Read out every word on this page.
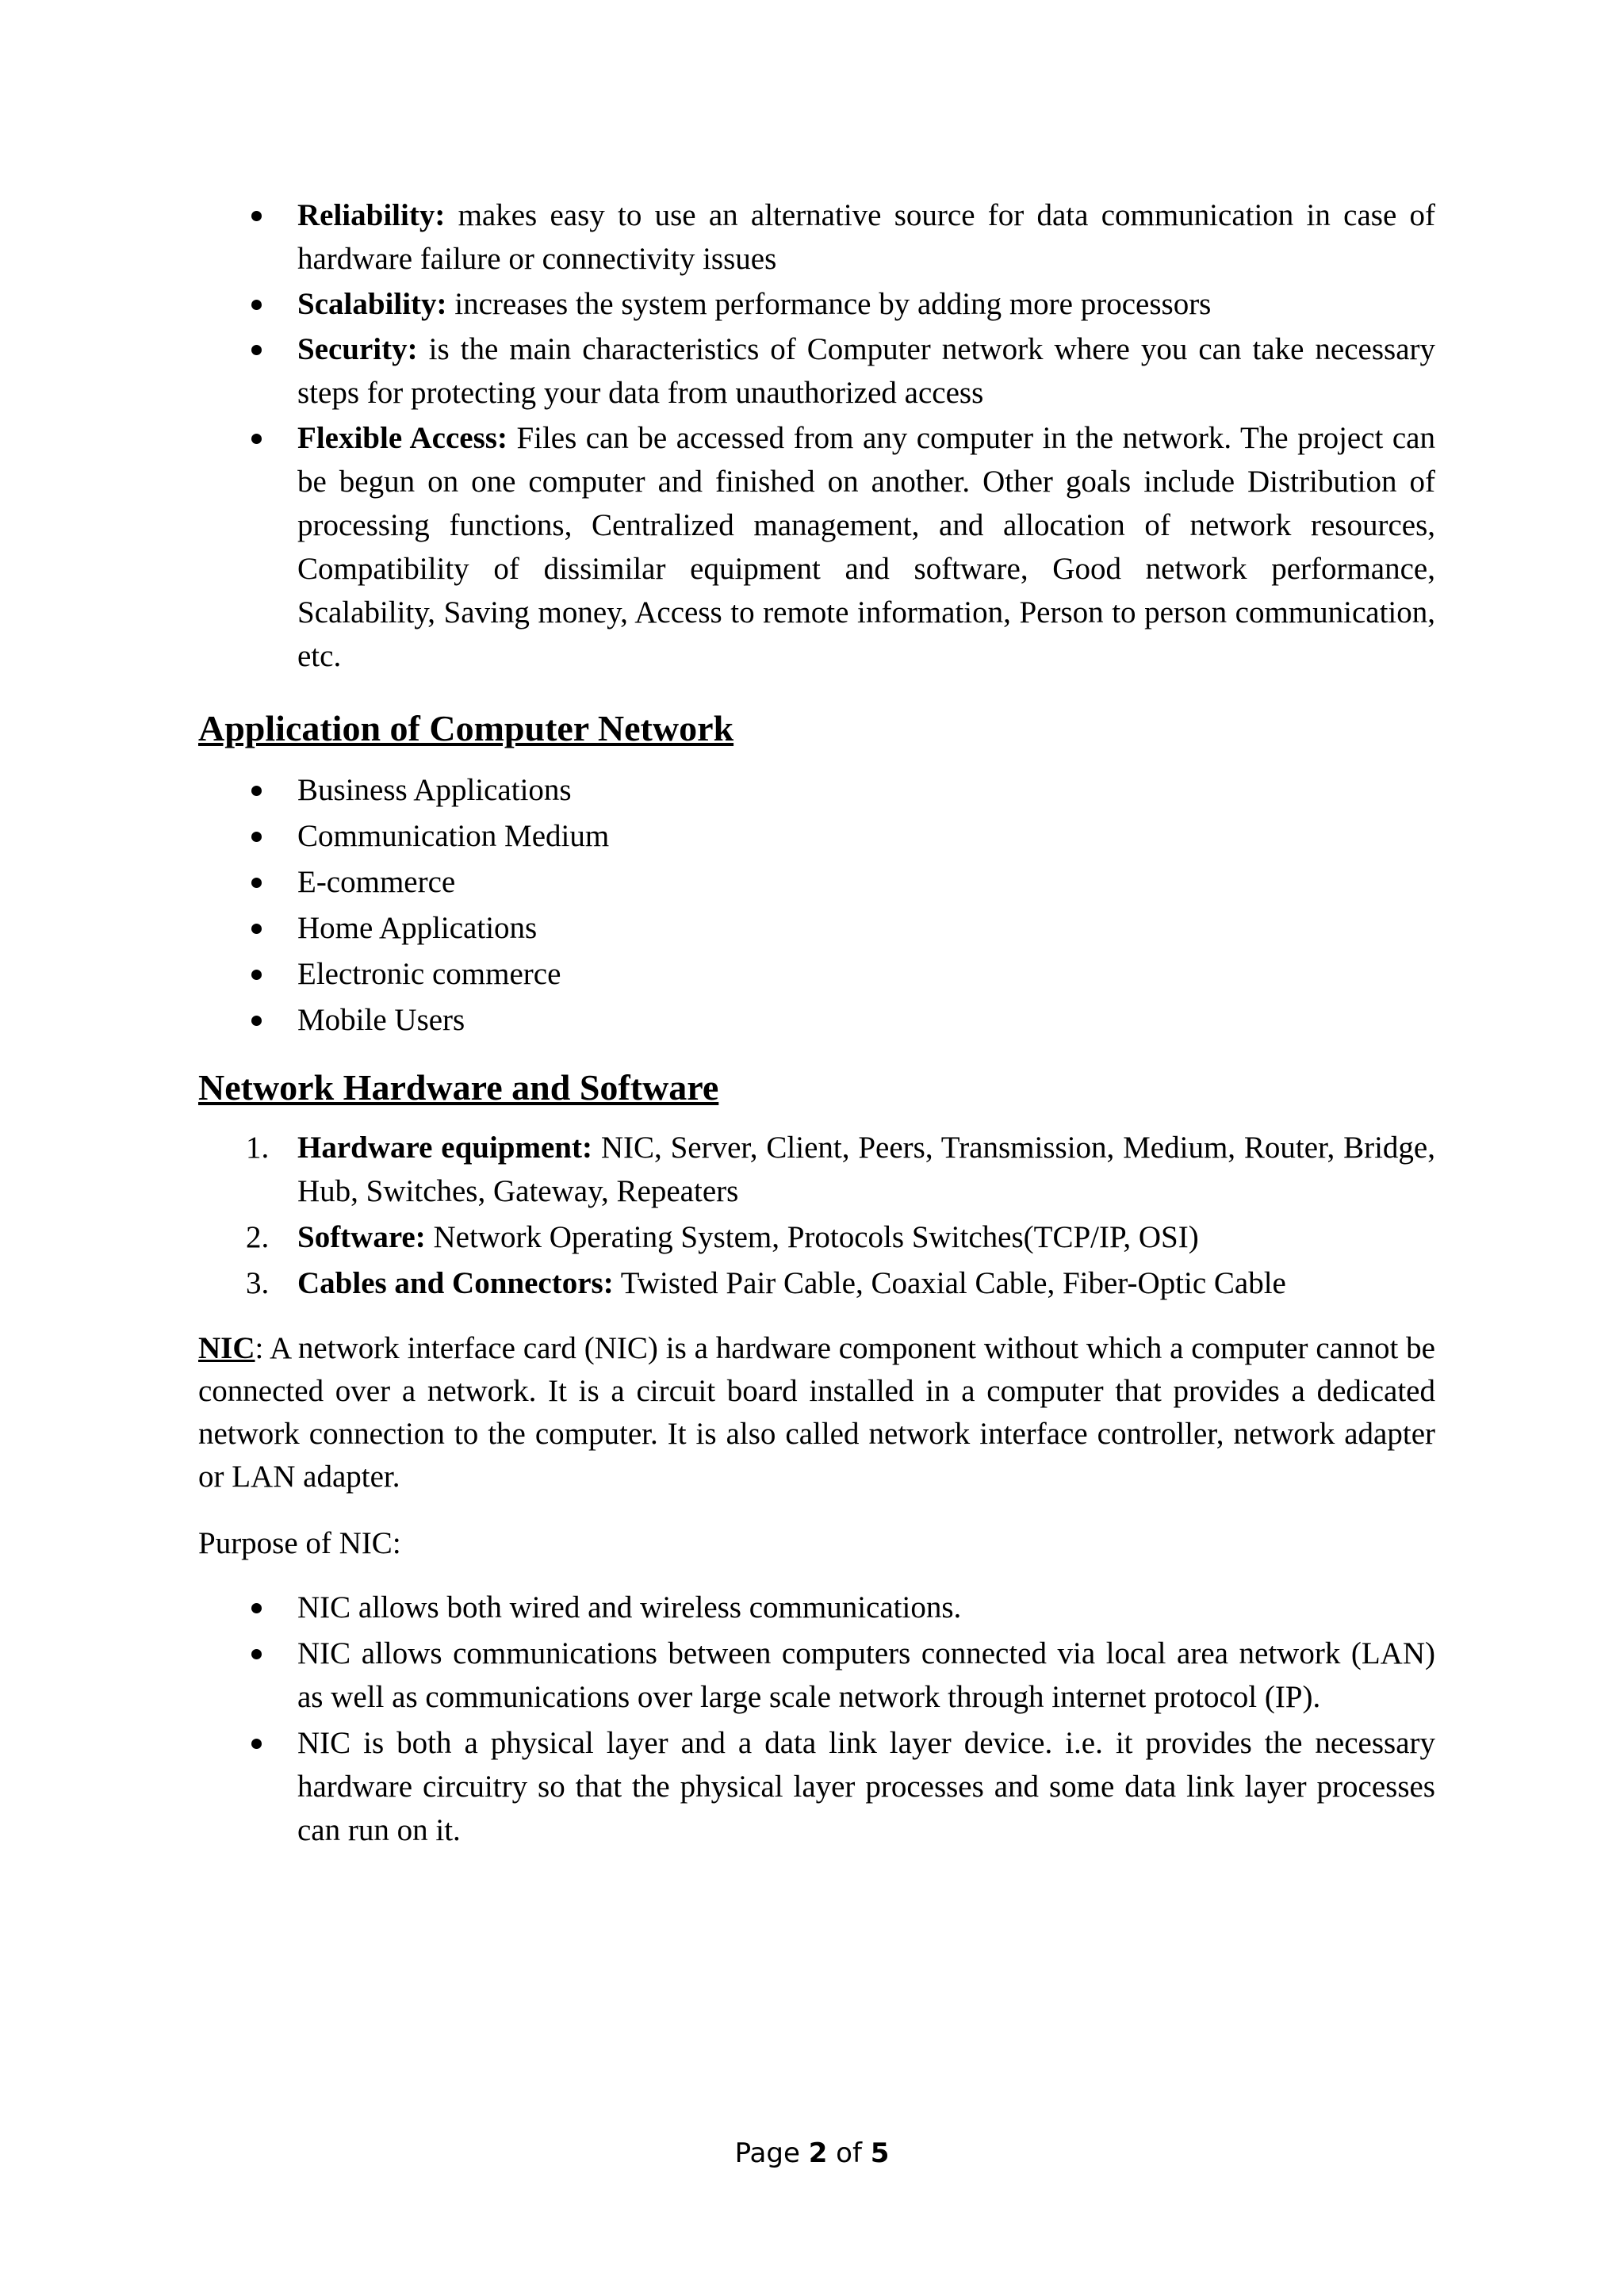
Reliability: makes easy to use an alternative source for data communication in case of hardware failure or connectivity issues
Scalability: increases the system performance by adding more processors
Security: is the main characteristics of Computer network where you can take necessary steps for protecting your data from unauthorized access
Flexible Access: Files can be accessed from any computer in the network. The project can be begun on one computer and finished on another. Other goals include Distribution of processing functions, Centralized management, and allocation of network resources, Compatibility of dissimilar equipment and software, Good network performance, Scalability, Saving money, Access to remote information, Person to person communication, etc.
Application of Computer Network
Business Applications
Communication Medium
E-commerce
Home Applications
Electronic commerce
Mobile Users
Network Hardware and Software
1. Hardware equipment: NIC, Server, Client, Peers, Transmission, Medium, Router, Bridge, Hub, Switches, Gateway, Repeaters
2. Software: Network Operating System, Protocols Switches(TCP/IP, OSI)
3. Cables and Connectors: Twisted Pair Cable, Coaxial Cable, Fiber-Optic Cable

NIC: A network interface card (NIC) is a hardware component without which a computer cannot be connected over a network. It is a circuit board installed in a computer that provides a dedicated network connection to the computer. It is also called network interface controller, network adapter or LAN adapter.

Purpose of NIC:

NIC allows both wired and wireless communications.
NIC allows communications between computers connected via local area network (LAN) as well as communications over large scale network through internet protocol (IP).
NIC is both a physical layer and a data link layer device. i.e. it provides the necessary hardware circuitry so that the physical layer processes and some data link layer processes can run on it.
Page 2 of 5
